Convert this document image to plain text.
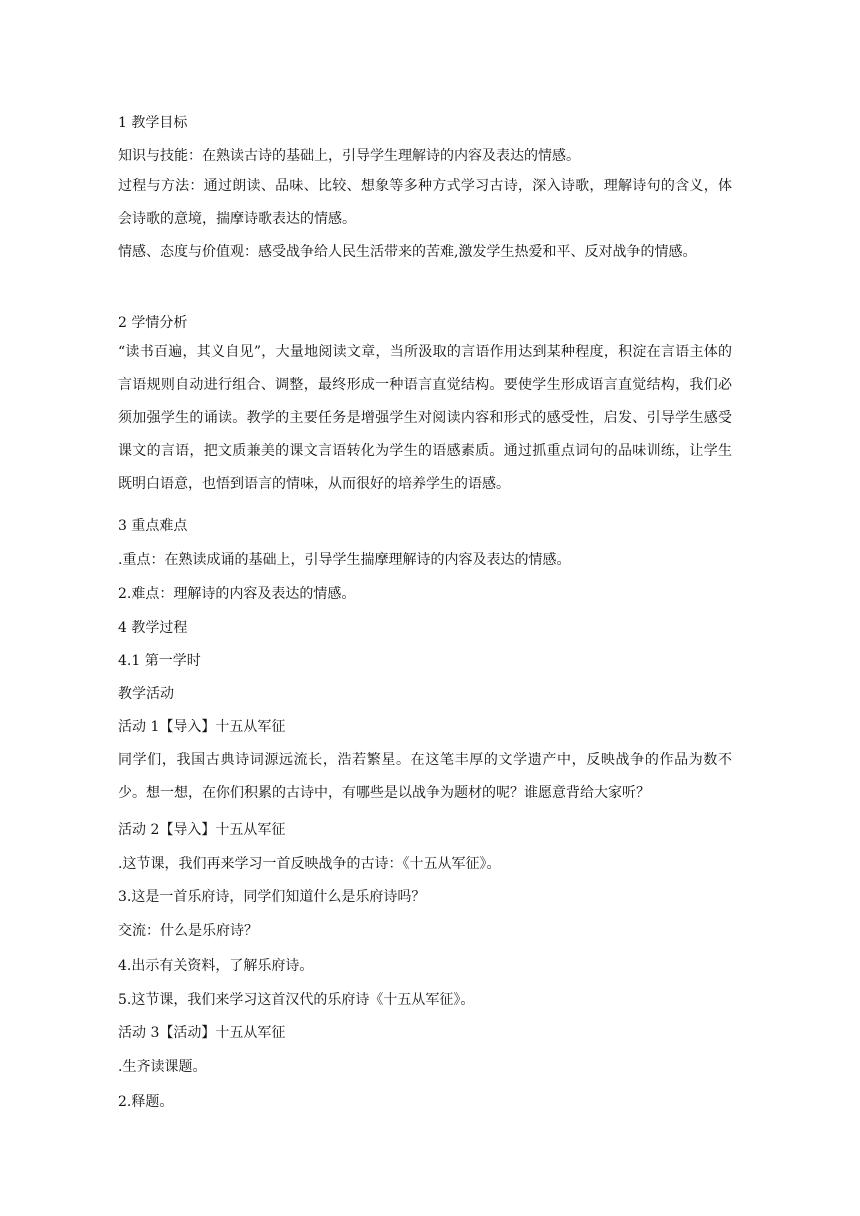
1 教学目标
知识与技能：在熟读古诗的基础上，引导学生理解诗的内容及表达的情感。
过程与方法：通过朗读、品味、比较、想象等多种方式学习古诗，深入诗歌，理解诗句的含义，体会诗歌的意境，揣摩诗歌表达的情感。
情感、态度与价值观：感受战争给人民生活带来的苦难,激发学生热爱和平、反对战争的情感。
2 学情分析
“读书百遍，其义自见”，大量地阅读文章，当所汲取的言语作用达到某种程度，积淀在言语主体的言语规则自动进行组合、调整，最终形成一种语言直觉结构。要使学生形成语言直觉结构，我们必须加强学生的诵读。教学的主要任务是增强学生对阅读内容和形式的感受性，启发、引导学生感受课文的言语，把文质兼美的课文言语转化为学生的语感素质。通过抓重点词句的品味训练，让学生既明白语意，也悟到语言的情味，从而很好的培养学生的语感。
3 重点难点
.重点：在熟读成诵的基础上，引导学生揣摩理解诗的内容及表达的情感。
2.难点：理解诗的内容及表达的情感。
4 教学过程
4.1 第一学时
教学活动
活动 1【导入】十五从军征
同学们，我国古典诗词源远流长，浩若繁星。在这笔丰厚的文学遗产中，反映战争的作品为数不少。想一想，在你们积累的古诗中，有哪些是以战争为题材的呢？谁愿意背给大家听？
活动 2【导入】十五从军征
.这节课，我们再来学习一首反映战争的古诗：《十五从军征》。
3.这是一首乐府诗，同学们知道什么是乐府诗吗？
交流：什么是乐府诗？
4.出示有关资料，了解乐府诗。
5.这节课，我们来学习这首汉代的乐府诗《十五从军征》。
活动 3【活动】十五从军征
.生齐读课题。
2.释题。
